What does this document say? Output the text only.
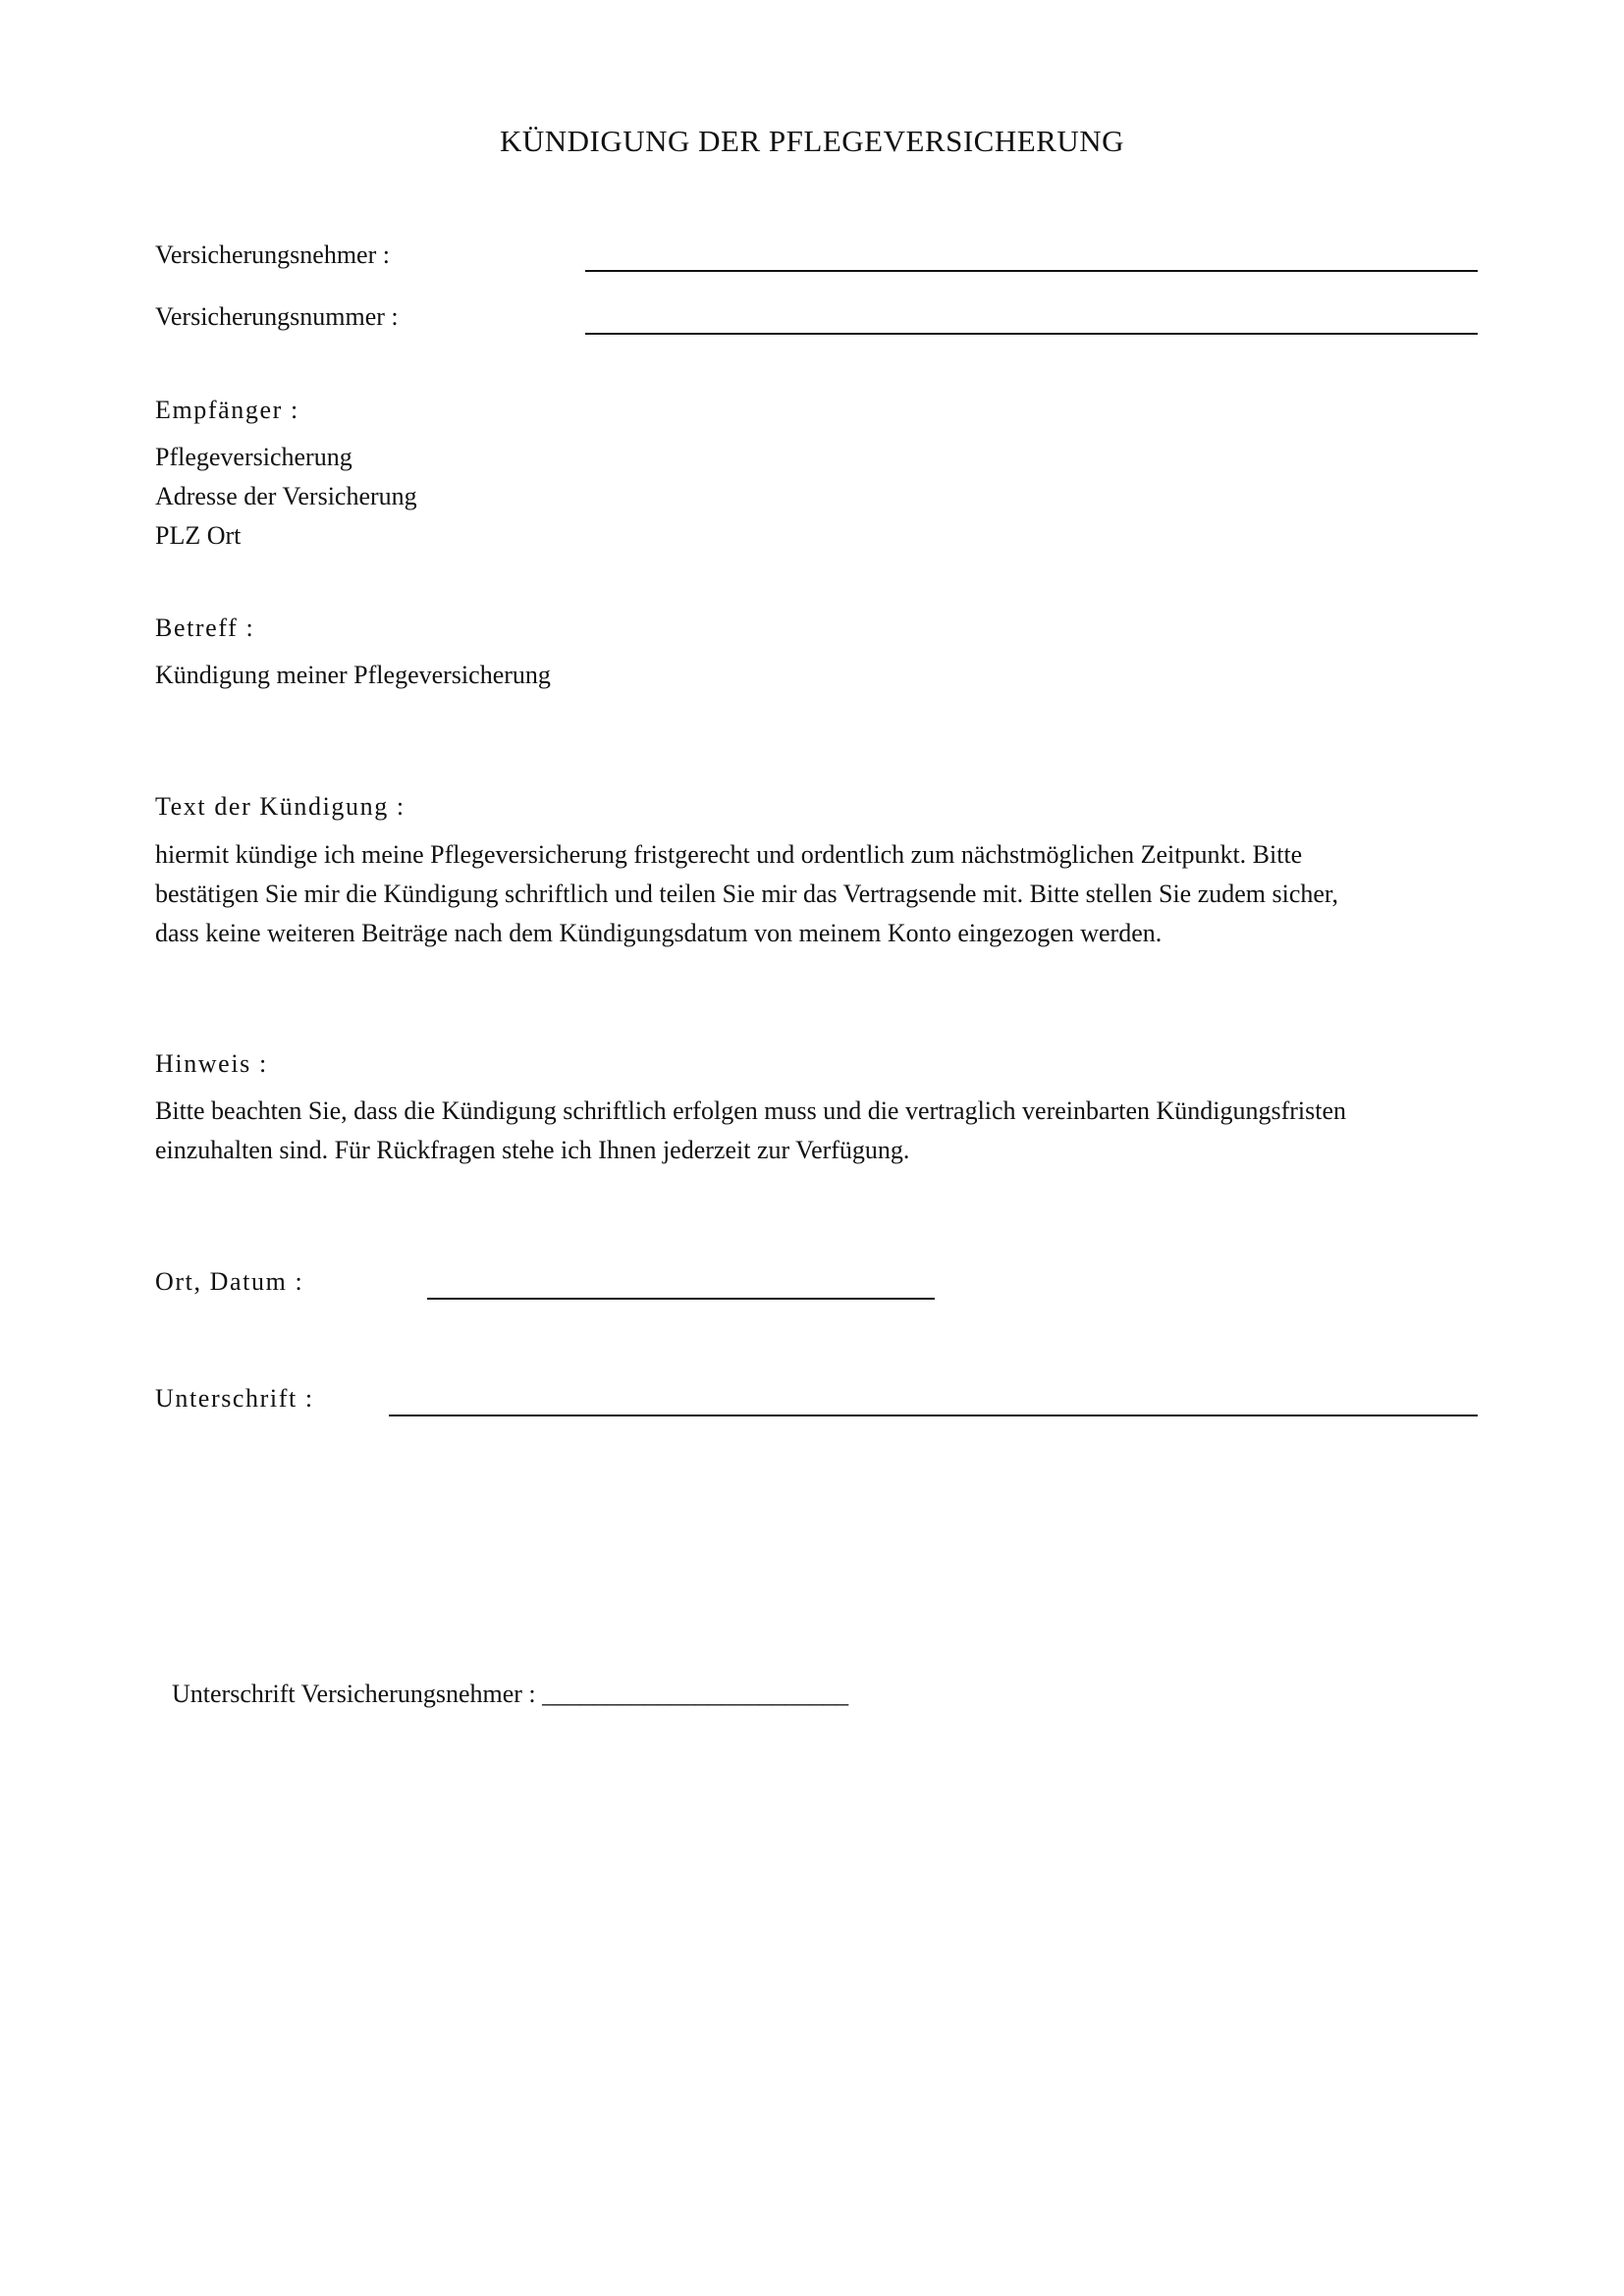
KÜNDIGUNG DER PFLEGEVERSICHERUNG
Versicherungsnehmer :
Versicherungsnummer :
Empfänger :
Pflegeversicherung
Adresse der Versicherung
PLZ Ort
Betreff :
Kündigung meiner Pflegeversicherung
Text der Kündigung :
hiermit kündige ich meine Pflegeversicherung fristgerecht und ordentlich zum nächstmöglichen Zeitpunkt. Bitte
bestätigen Sie mir die Kündigung schriftlich und teilen Sie mir das Vertragsende mit. Bitte stellen Sie zudem sicher,
dass keine weiteren Beiträge nach dem Kündigungsdatum von meinem Konto eingezogen werden.
Hinweis :
Bitte beachten Sie, dass die Kündigung schriftlich erfolgen muss und die vertraglich vereinbarten Kündigungsfristen
einzuhalten sind. Für Rückfragen stehe ich Ihnen jederzeit zur Verfügung.
Ort, Datum :
Unterschrift :
Unterschrift Versicherungsnehmer : ________________________
